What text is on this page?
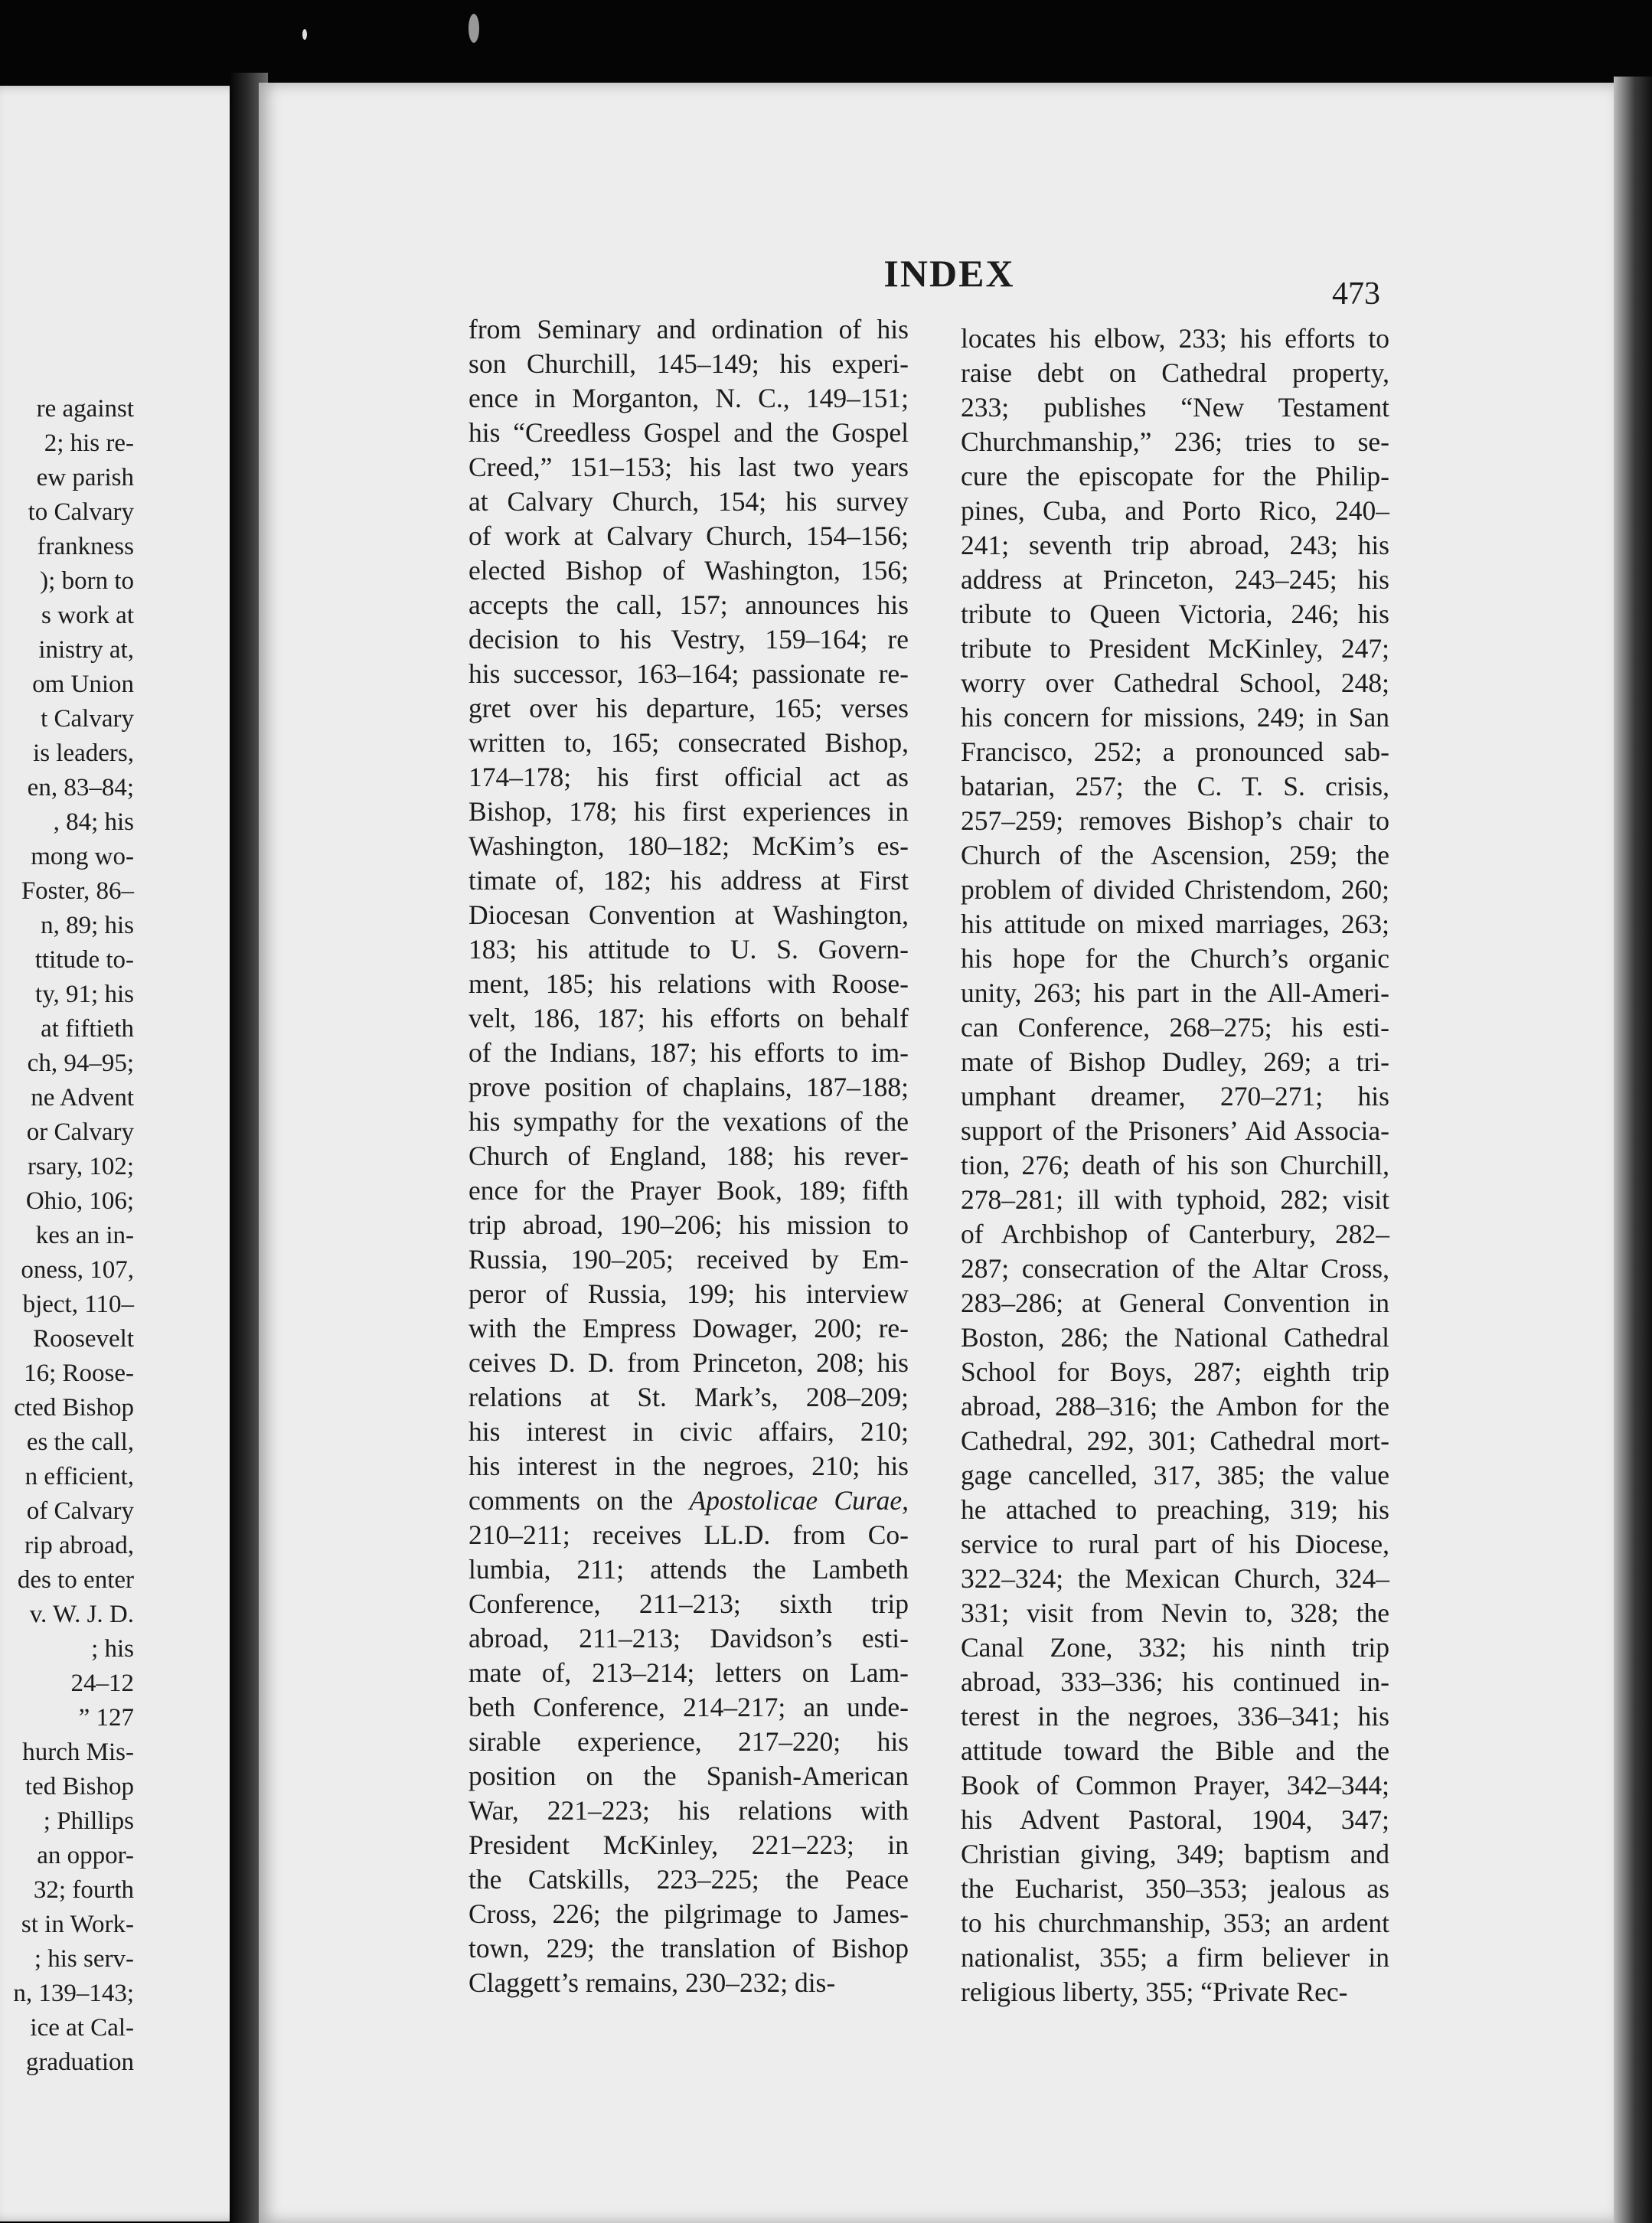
re against
2; his re-
ew parish
to Calvary
frankness
); born to
s work at
inistry at,
om Union
t Calvary
is leaders,
en, 83–84;
, 84; his
mong wo-
Foster, 86–
n, 89; his
ttitude to-
ty, 91; his
at fiftieth
ch, 94–95;
ne Advent
or Calvary
rsary, 102;
Ohio, 106;
kes an in-
oness, 107,
bject, 110–
Roosevelt
16; Roose-
cted Bishop
es the call,
n efficient,
of Calvary
rip abroad,
des to enter
v. W. J. D.
; his
24–12
” 127
hurch Mis-
ted Bishop
; Phillips
an oppor-
32; fourth
st in Work-
; his serv-
n, 139–143;
ice at Cal-
graduation
INDEX	473

from Seminary and ordination of his
son Churchill, 145–149; his experi-
ence in Morganton, N. C., 149–151;
his “Creedless Gospel and the Gospel
Creed,” 151–153; his last two years
at Calvary Church, 154; his survey
of work at Calvary Church, 154–156;
elected Bishop of Washington, 156;
accepts the call, 157; announces his
decision to his Vestry, 159–164; re
his successor, 163–164; passionate re-
gret over his departure, 165; verses
written to, 165; consecrated Bishop,
174–178; his first official act as
Bishop, 178; his first experiences in
Washington, 180–182; McKim’s es-
timate of, 182; his address at First
Diocesan Convention at Washington,
183; his attitude to U. S. Govern-
ment, 185; his relations with Roose-
velt, 186, 187; his efforts on behalf
of the Indians, 187; his efforts to im-
prove position of chaplains, 187–188;
his sympathy for the vexations of the
Church of England, 188; his rever-
ence for the Prayer Book, 189; fifth
trip abroad, 190–206; his mission to
Russia, 190–205; received by Em-
peror of Russia, 199; his interview
with the Empress Dowager, 200; re-
ceives D. D. from Princeton, 208; his
relations at St. Mark’s, 208–209;
his interest in civic affairs, 210;
his interest in the negroes, 210; his
comments on the Apostolicae Curae,
210–211; receives LL.D. from Co-
lumbia, 211; attends the Lambeth
Conference, 211–213; sixth trip
abroad, 211–213; Davidson’s esti-
mate of, 213–214; letters on Lam-
beth Conference, 214–217; an unde-
sirable experience, 217–220; his
position on the Spanish-American
War, 221–223; his relations with
President McKinley, 221–223; in
the Catskills, 223–225; the Peace
Cross, 226; the pilgrimage to James-
town, 229; the translation of Bishop
Claggett’s remains, 230–232; dis-
locates his elbow, 233; his efforts to
raise debt on Cathedral property,
233; publishes “New Testament
Churchmanship,” 236; tries to se-
cure the episcopate for the Philip-
pines, Cuba, and Porto Rico, 240–
241; seventh trip abroad, 243; his
address at Princeton, 243–245; his
tribute to Queen Victoria, 246; his
tribute to President McKinley, 247;
worry over Cathedral School, 248;
his concern for missions, 249; in San
Francisco, 252; a pronounced sab-
batarian, 257; the C. T. S. crisis,
257–259; removes Bishop’s chair to
Church of the Ascension, 259; the
problem of divided Christendom, 260;
his attitude on mixed marriages, 263;
his hope for the Church’s organic
unity, 263; his part in the All-Ameri-
can Conference, 268–275; his esti-
mate of Bishop Dudley, 269; a tri-
umphant dreamer, 270–271; his
support of the Prisoners’ Aid Associa-
tion, 276; death of his son Churchill,
278–281; ill with typhoid, 282; visit
of Archbishop of Canterbury, 282–
287; consecration of the Altar Cross,
283–286; at General Convention in
Boston, 286; the National Cathedral
School for Boys, 287; eighth trip
abroad, 288–316; the Ambon for the
Cathedral, 292, 301; Cathedral mort-
gage cancelled, 317, 385; the value
he attached to preaching, 319; his
service to rural part of his Diocese,
322–324; the Mexican Church, 324–
331; visit from Nevin to, 328; the
Canal Zone, 332; his ninth trip
abroad, 333–336; his continued in-
terest in the negroes, 336–341; his
attitude toward the Bible and the
Book of Common Prayer, 342–344;
his Advent Pastoral, 1904, 347;
Christian giving, 349; baptism and
the Eucharist, 350–353; jealous as
to his churchmanship, 353; an ardent
nationalist, 355; a firm believer in
religious liberty, 355; “Private Rec-
